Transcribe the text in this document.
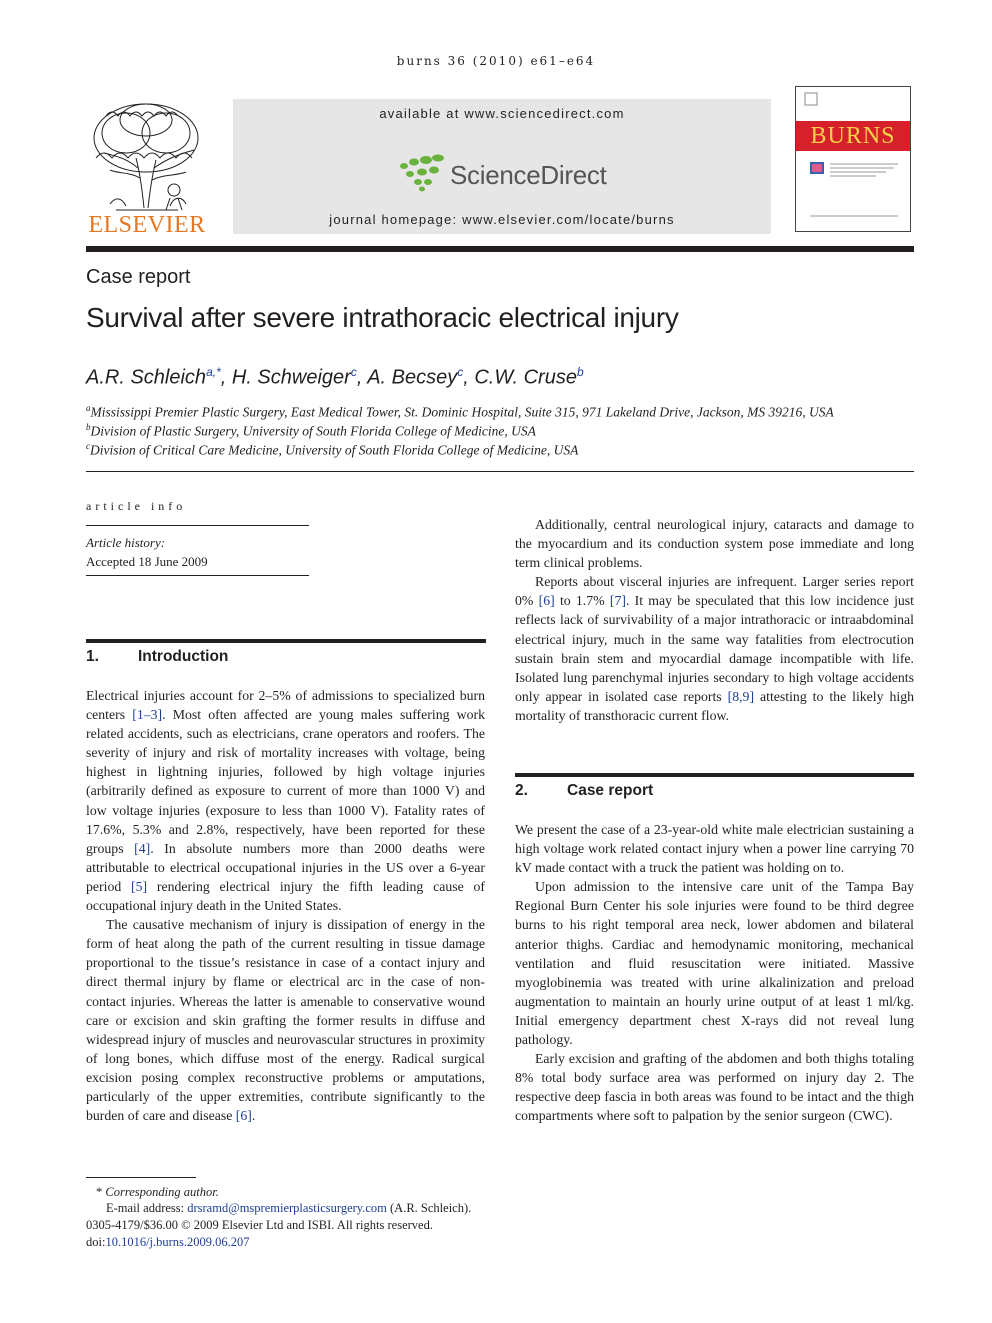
burns 36 (2010) e61–e64
ELSEVIER
available at www.sciencedirect.com
ScienceDirect
journal homepage: www.elsevier.com/locate/burns
BURNS
Case report
Survival after severe intrathoracic electrical injury
A.R. Schleich$^{a,*}$, H. Schweiger$^c$, A. Becsey$^c$, C.W. Cruse$^b$
$^a$Mississippi Premier Plastic Surgery, East Medical Tower, St. Dominic Hospital, Suite 315, 971 Lakeland Drive, Jackson, MS 39216, USA
$^b$Division of Plastic Surgery, University of South Florida College of Medicine, USA
$^c$Division of Critical Care Medicine, University of South Florida College of Medicine, USA
article info
Article history:
Accepted 18 June 2009
1.	Introduction

Electrical injuries account for 2–5% of admissions to specialized burn centers [1–3]. Most often affected are young males suffering work related accidents, such as electricians, crane operators and roofers. The severity of injury and risk of mortality increases with voltage, being highest in lightning injuries, followed by high voltage injuries (arbitrarily defined as exposure to current of more than 1000 V) and low voltage injuries (exposure to less than 1000 V). Fatality rates of 17.6%, 5.3% and 2.8%, respectively, have been reported for these groups [4]. In absolute numbers more than 2000 deaths were attributable to electrical occupational injuries in the US over a 6-year period [5] rendering electrical injury the fifth leading cause of occupational injury death in the United States.

The causative mechanism of injury is dissipation of energy in the form of heat along the path of the current resulting in tissue damage proportional to the tissue’s resistance in case of a contact injury and direct thermal injury by flame or electrical arc in the case of non-contact injuries. Whereas the latter is amenable to conservative wound care or excision and skin grafting the former results in diffuse and widespread injury of muscles and neurovascular structures in proximity of long bones, which diffuse most of the energy. Radical surgical excision posing complex reconstructive problems or amputations, particularly of the upper extremities, contribute significantly to the burden of care and disease [6].

Additionally, central neurological injury, cataracts and damage to the myocardium and its conduction system pose immediate and long term clinical problems.

Reports about visceral injuries are infrequent. Larger series report 0% [6] to 1.7% [7]. It may be speculated that this low incidence just reflects lack of survivability of a major intrathoracic or intraabdominal electrical injury, much in the same way fatalities from electrocution sustain brain stem and myocardial damage incompatible with life. Isolated lung parenchymal injuries secondary to high voltage accidents only appear in isolated case reports [8,9] attesting to the likely high mortality of transthoracic current flow.

2.	Case report

We present the case of a 23-year-old white male electrician sustaining a high voltage work related contact injury when a power line carrying 70 kV made contact with a truck the patient was holding on to.

Upon admission to the intensive care unit of the Tampa Bay Regional Burn Center his sole injuries were found to be third degree burns to his right temporal area neck, lower abdomen and bilateral anterior thighs. Cardiac and hemodynamic monitoring, mechanical ventilation and fluid resuscitation were initiated. Massive myoglobinemia was treated with urine alkalinization and preload augmentation to maintain an hourly urine output of at least 1 ml/kg. Initial emergency department chest X-rays did not reveal lung pathology.

Early excision and grafting of the abdomen and both thighs totaling 8% total body surface area was performed on injury day 2. The respective deep fascia in both areas was found to be intact and the thigh compartments where soft to palpation by the senior surgeon (CWC).

* Corresponding author.
E-mail address: drsramd@mspremierplasticsurgery.com (A.R. Schleich).
0305-4179/$36.00 © 2009 Elsevier Ltd and ISBI. All rights reserved.
doi:10.1016/j.burns.2009.06.207
